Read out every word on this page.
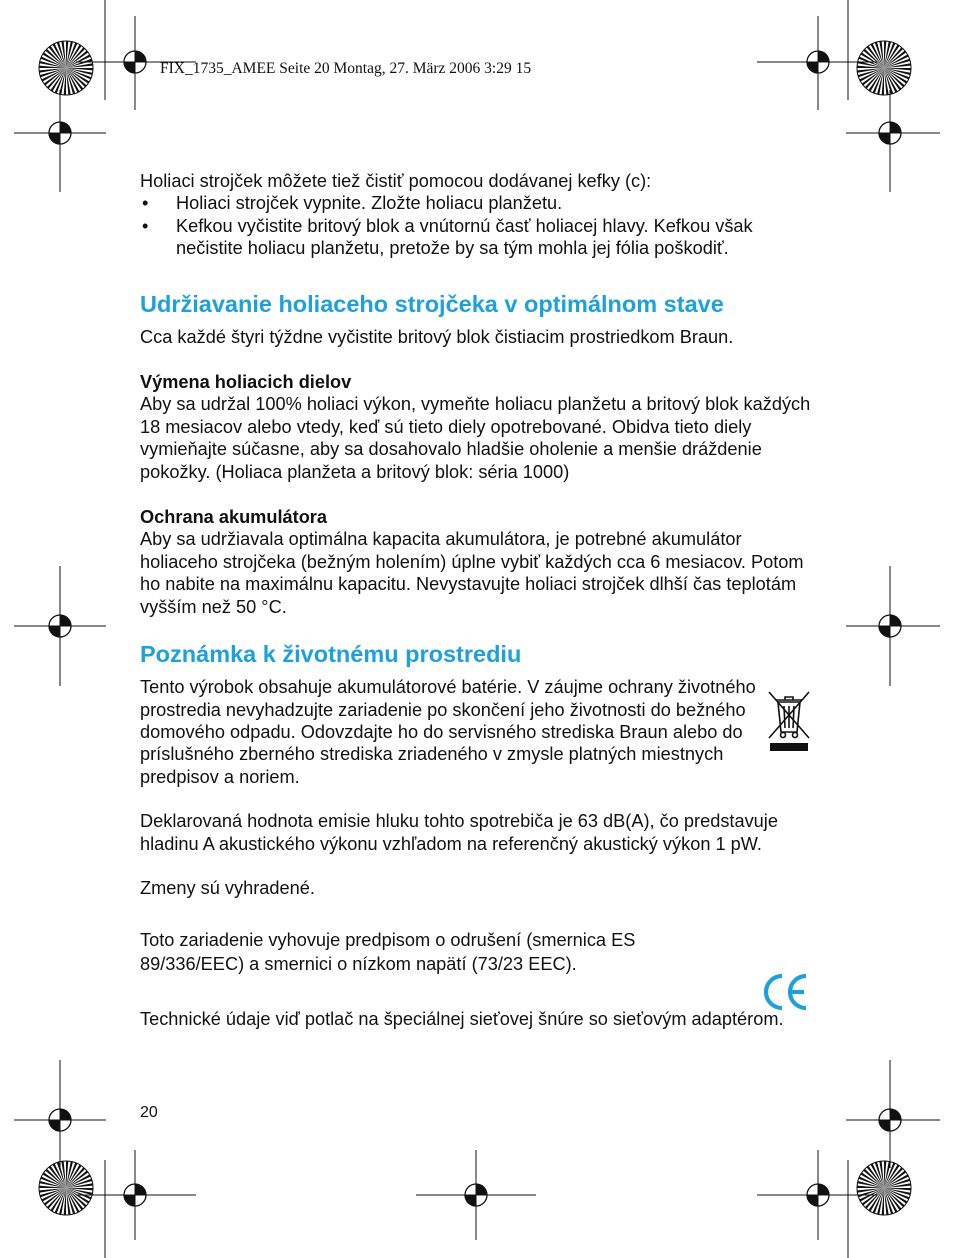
FIX_1735_AMEE Seite 20 Montag, 27. März 2006 3:29 15

Holiaci strojček môžete tiež čistiť pomocou dodávanej kefky (c):

• Holiaci strojček vypnite. Zložte holiacu planžetu.
• Kefkou vyčistite britový blok a vnútornú časť holiacej hlavy. Kefkou však nečistite holiacu planžetu, pretože by sa tým mohla jej fólia poškodiť.
Udržiavanie holiaceho strojčeka v optimálnom stave

Cca každé štyri týždne vyčistite britový blok čistiacim prostriedkom Braun.

Výmena holiacich dielov

Aby sa udržal 100% holiaci výkon, vymeňte holiacu planžetu a britový blok každých 18 mesiacov alebo vtedy, keď sú tieto diely opotrebované. Obidva tieto diely vymieňajte súčasne, aby sa dosahovalo hladšie oholenie a menšie dráždenie pokožky. (Holiaca planžeta a britový blok: séria 1000)

Ochrana akumulátora

Aby sa udržiavala optimálna kapacita akumulátora, je potrebné akumulátor holiaceho strojčeka (bežným holením) úplne vybiť každých cca 6 mesiacov. Potom ho nabite na maximálnu kapacitu. Nevystavujte holiaci strojček dlhší čas teplotám vyšším než 50 °C.

Poznámka k životnému prostrediu

Tento výrobok obsahuje akumulátorové batérie. V záujme ochrany životného prostredia nevyhadzujte zariadenie po skončení jeho životnosti do bežného domového odpadu. Odovzdajte ho do servisného strediska Braun alebo do príslušného zberného strediska zriadeného v zmysle platných miestnych predpisov a noriem.

Deklarovaná hodnota emisie hluku tohto spotrebiča je 63 dB(A), čo predstavuje hladinu A akustického výkonu vzhľadom na referenčný akustický výkon 1 pW.

Zmeny sú vyhradené.

Toto zariadenie vyhovuje predpisom o odrušení (smernica ES 89/336/EEC) a smernici o nízkom napätí (73/23 EEC).

Technické údaje viď potlač na špeciálnej sieťovej šnúre so sieťovým adaptérom.

20
